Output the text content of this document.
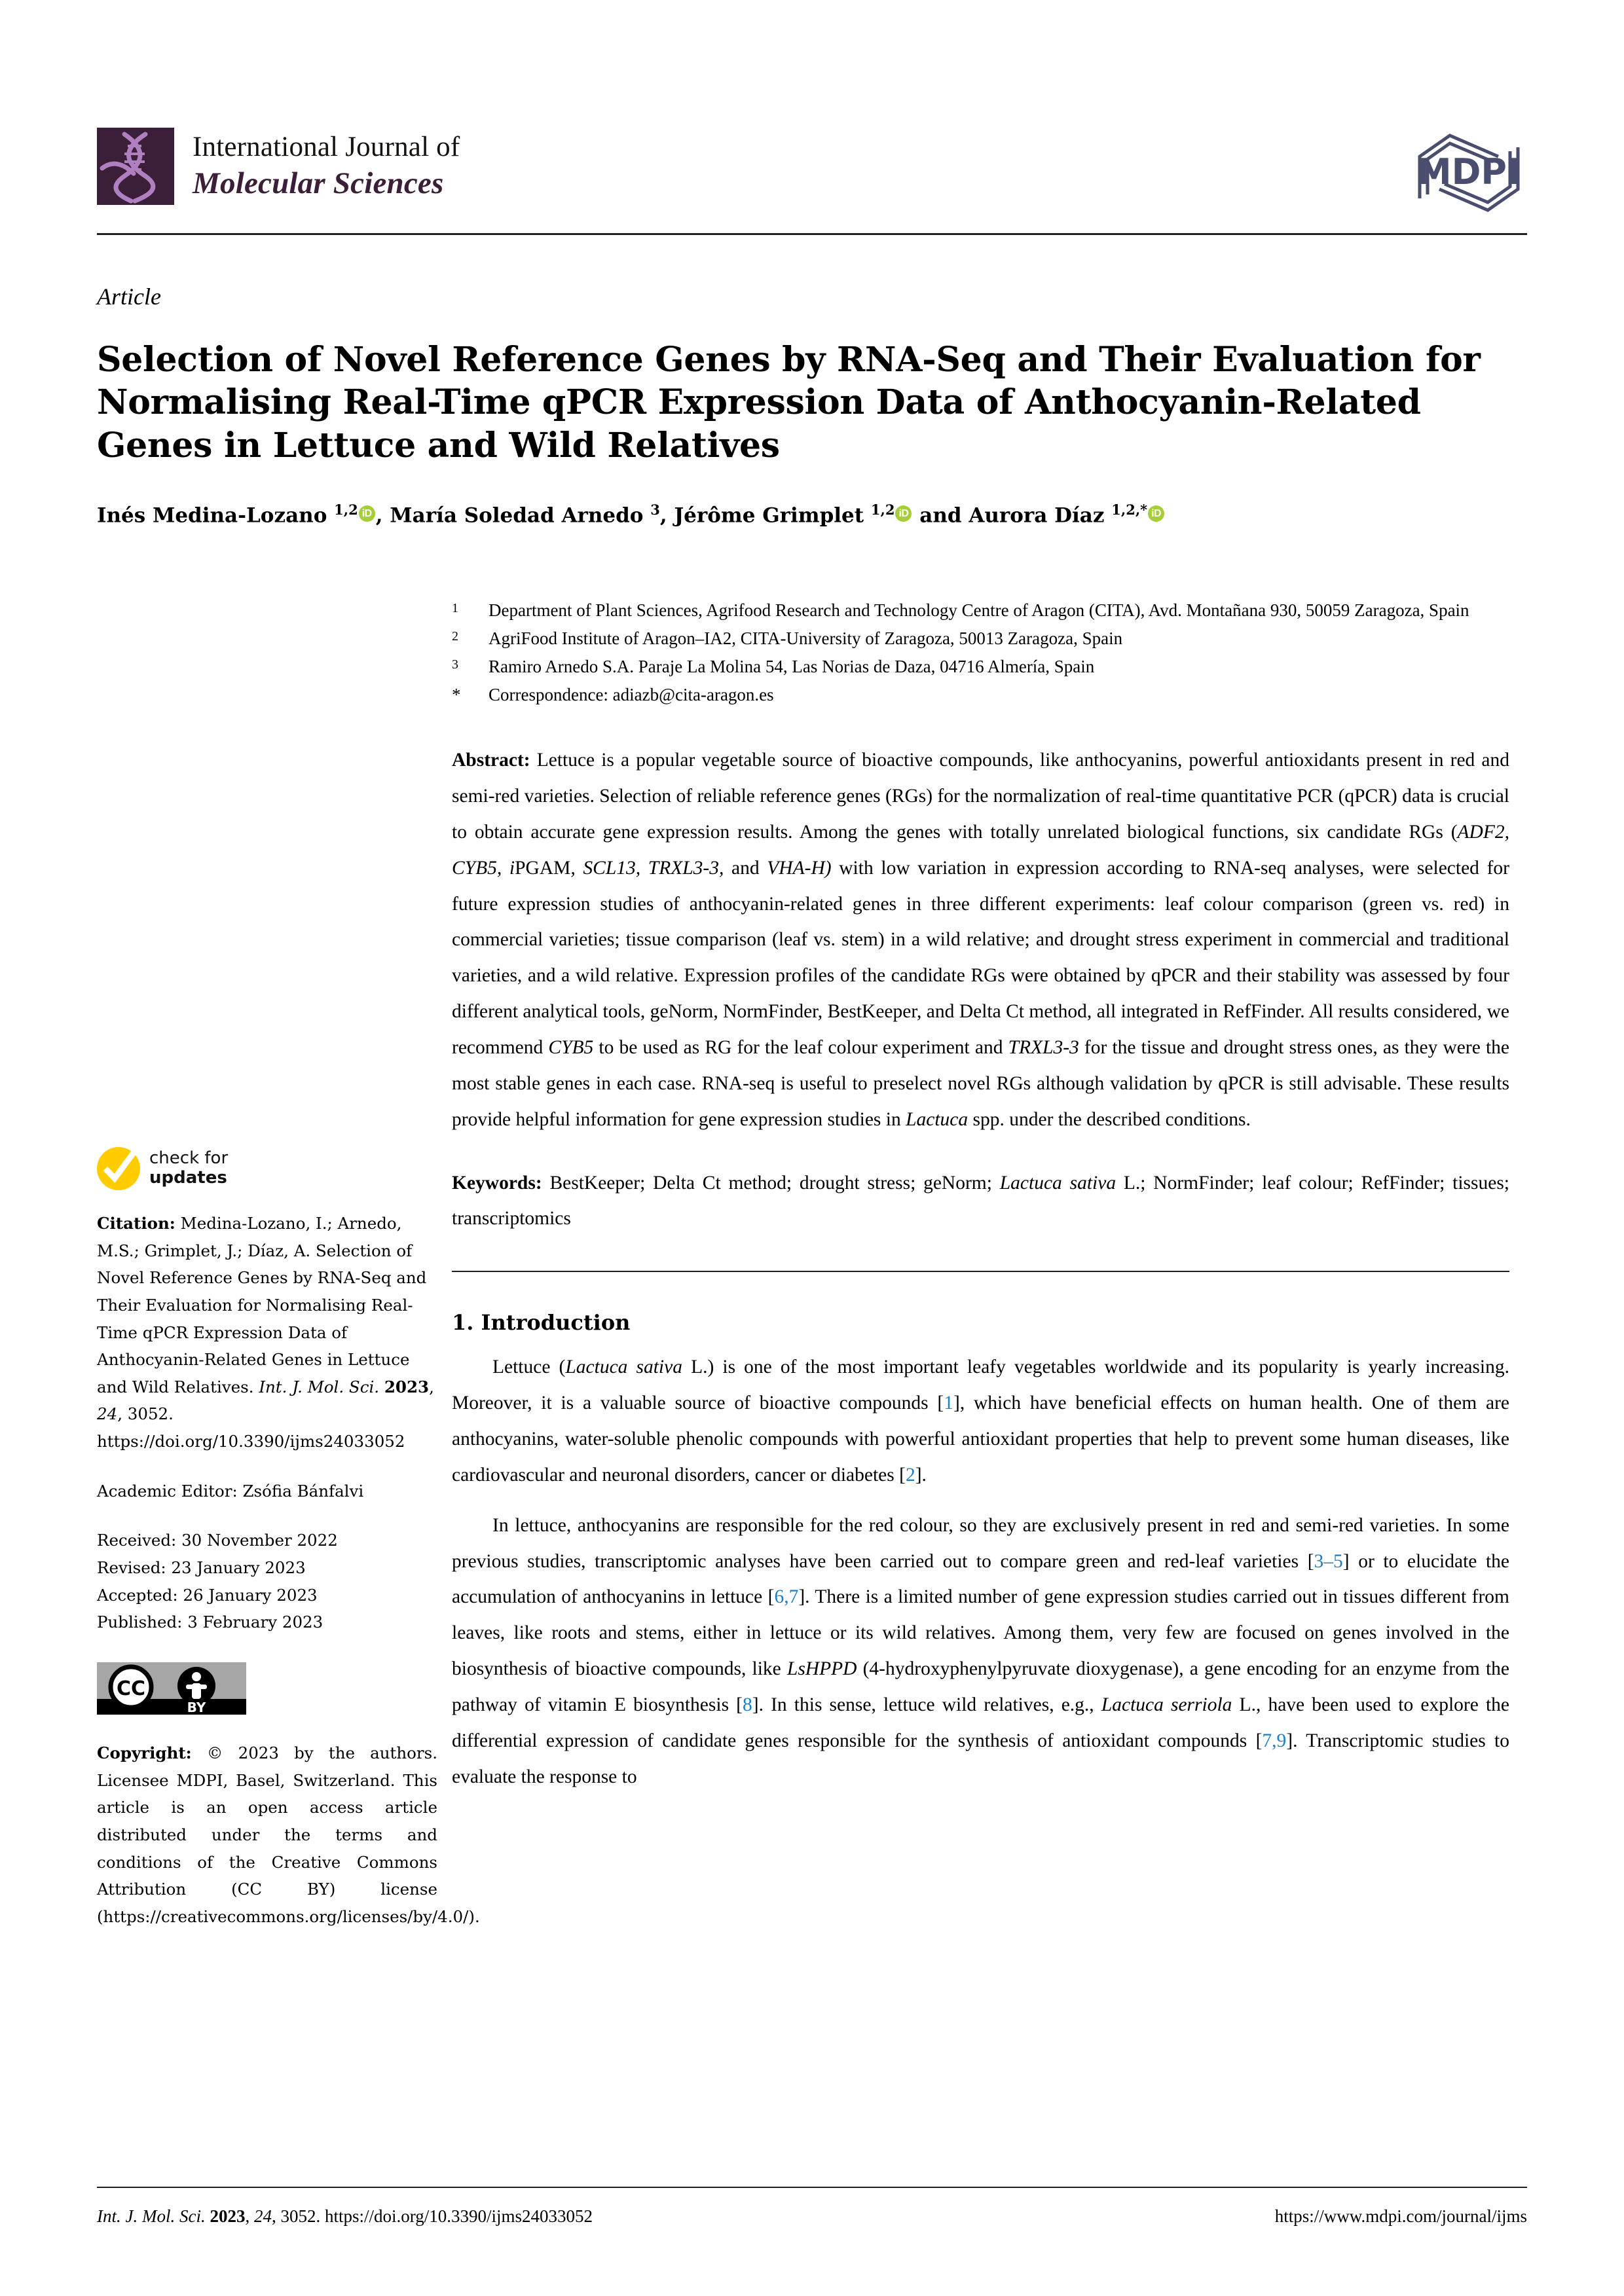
International Journal of
Molecular Sciences	MDPI
Article
Selection of Novel Reference Genes by RNA-Seq and Their Evaluation for Normalising Real-Time qPCR Expression Data of Anthocyanin-Related Genes in Lettuce and Wild Relatives
Inés Medina-Lozano $^{1,2}$ iD , María Soledad Arnedo $^3$, Jérôme Grimplet $^{1,2}$ iD and Aurora Díaz $^{1,2,*}$ iD
1	Department of Plant Sciences, Agrifood Research and Technology Centre of Aragon (CITA), Avd. Montañana 930, 50059 Zaragoza, Spain
2	AgriFood Institute of Aragon–IA2, CITA-University of Zaragoza, 50013 Zaragoza, Spain
3	Ramiro Arnedo S.A. Paraje La Molina 54, Las Norias de Daza, 04716 Almería, Spain
*	Correspondence: adiazb@cita-aragon.es
Abstract: Lettuce is a popular vegetable source of bioactive compounds, like anthocyanins, powerful antioxidants present in red and semi-red varieties. Selection of reliable reference genes (RGs) for the normalization of real-time quantitative PCR (qPCR) data is crucial to obtain accurate gene expression results. Among the genes with totally unrelated biological functions, six candidate RGs (ADF2, CYB5, iPGAM, SCL13, TRXL3-3, and VHA-H) with low variation in expression according to RNA-seq analyses, were selected for future expression studies of anthocyanin-related genes in three different experiments: leaf colour comparison (green vs. red) in commercial varieties; tissue comparison (leaf vs. stem) in a wild relative; and drought stress experiment in commercial and traditional varieties, and a wild relative. Expression profiles of the candidate RGs were obtained by qPCR and their stability was assessed by four different analytical tools, geNorm, NormFinder, BestKeeper, and Delta Ct method, all integrated in RefFinder. All results considered, we recommend CYB5 to be used as RG for the leaf colour experiment and TRXL3-3 for the tissue and drought stress ones, as they were the most stable genes in each case. RNA-seq is useful to preselect novel RGs although validation by qPCR is still advisable. These results provide helpful information for gene expression studies in Lactuca spp. under the described conditions.
Keywords: BestKeeper; Delta Ct method; drought stress; geNorm; Lactuca sativa L.; NormFinder; leaf colour; RefFinder; tissues; transcriptomics
1. Introduction
Lettuce (Lactuca sativa L.) is one of the most important leafy vegetables worldwide and its popularity is yearly increasing. Moreover, it is a valuable source of bioactive compounds [1], which have beneficial effects on human health. One of them are anthocyanins, water-soluble phenolic compounds with powerful antioxidant properties that help to prevent some human diseases, like cardiovascular and neuronal disorders, cancer or diabetes [2].
In lettuce, anthocyanins are responsible for the red colour, so they are exclusively present in red and semi-red varieties. In some previous studies, transcriptomic analyses have been carried out to compare green and red-leaf varieties [3–5] or to elucidate the accumulation of anthocyanins in lettuce [6,7]. There is a limited number of gene expression studies carried out in tissues different from leaves, like roots and stems, either in lettuce or its wild relatives. Among them, very few are focused on genes involved in the biosynthesis of bioactive compounds, like LsHPPD (4-hydroxyphenylpyruvate dioxygenase), a gene encoding for an enzyme from the pathway of vitamin E biosynthesis [8]. In this sense, lettuce wild relatives, e.g., Lactuca serriola L., have been used to explore the differential expression of candidate genes responsible for the synthesis of antioxidant compounds [7,9]. Transcriptomic studies to evaluate the response to
check for
updates
Citation: Medina-Lozano, I.; Arnedo, M.S.; Grimplet, J.; Díaz, A. Selection of Novel Reference Genes by RNA-Seq and Their Evaluation for Normalising Real-Time qPCR Expression Data of Anthocyanin-Related Genes in Lettuce and Wild Relatives. Int. J. Mol. Sci. 2023, 24, 3052. https://doi.org/10.3390/ijms24033052
Academic Editor: Zsófia Bánfalvi
Received: 30 November 2022
Revised: 23 January 2023
Accepted: 26 January 2023
Published: 3 February 2023
CC
BY
Copyright: © 2023 by the authors. Licensee MDPI, Basel, Switzerland. This article is an open access article distributed under the terms and conditions of the Creative Commons Attribution (CC BY) license (https://creativecommons.org/licenses/by/4.0/).
Int. J. Mol. Sci. 2023, 24, 3052. https://doi.org/10.3390/ijms24033052	https://www.mdpi.com/journal/ijms
